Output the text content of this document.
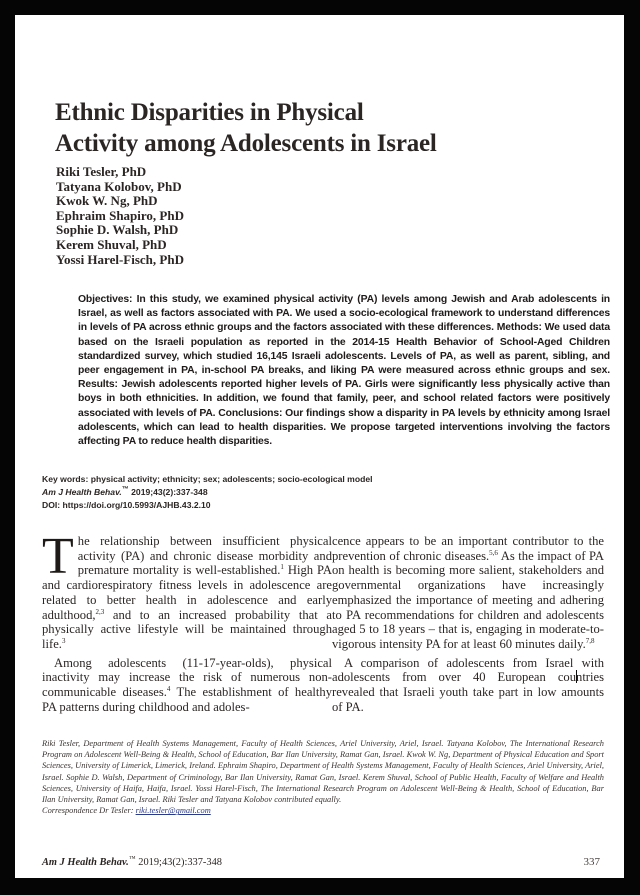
Ethnic Disparities in Physical
Activity among Adolescents in Israel
Riki Tesler, PhD
Tatyana Kolobov, PhD
Kwok W. Ng, PhD
Ephraim Shapiro, PhD
Sophie D. Walsh, PhD
Kerem Shuval, PhD
Yossi Harel-Fisch, PhD

Objectives: In this study, we examined physical activity (PA) levels among Jewish and Arab adolescents in Israel, as well as factors associated with PA. We used a socio-ecological framework to understand differences in levels of PA across ethnic groups and the factors associated with these differences. Methods: We used data based on the Israeli population as reported in the 2014-15 Health Behavior of School-Aged Children standardized survey, which studied 16,145 Israeli adolescents. Levels of PA, as well as parent, sibling, and peer engagement in PA, in-school PA breaks, and liking PA were measured across ethnic groups and sex. Results: Jewish adolescents reported higher levels of PA. Girls were significantly less physically active than boys in both ethnicities. In addition, we found that family, peer, and school related factors were positively associated with levels of PA. Conclusions: Our findings show a disparity in PA levels by ethnicity among Israel adolescents, which can lead to health disparities. We propose targeted interventions involving the factors affecting PA to reduce health disparities.

Key words: physical activity; ethnicity; sex; adolescents; socio-ecological model
Am J Health Behav.™ 2019;43(2):337-348
DOI: https://doi.org/10.5993/AJHB.43.2.10

The relationship between insufficient physical activity (PA) and chronic disease morbidity and premature mortality is well-established.$^1$ High PA and cardiorespiratory fitness levels in adolescence are related to better health in adolescence and early adulthood,$^{2,3}$ and to an increased probability that a physically active lifestyle will be maintained through life.$^3$

Among adolescents (11-17-year-olds), physical inactivity may increase the risk of numerous non-communicable diseases.$^4$ The establishment of healthy PA patterns during childhood and adoles-

cence appears to be an important contributor to the prevention of chronic diseases.$^{5,6}$ As the impact of PA on health is becoming more salient, stakeholders and governmental organizations have increasingly emphasized the importance of meeting and adhering to PA recommendations for children and adolescents aged 5 to 18 years – that is, engaging in moderate-to-vigorous intensity PA for at least 60 minutes daily.$^{7,8}$

A comparison of adolescents from Israel with adolescents from over 40 European countries revealed that Israeli youth take part in low amounts of PA.

Riki Tesler, Department of Health Systems Management, Faculty of Health Sciences, Ariel University, Ariel, Israel. Tatyana Kolobov, The International Research Program on Adolescent Well-Being & Health, School of Education, Bar Ilan University, Ramat Gan, Israel. Kwok W. Ng, Department of Physical Education and Sport Sciences, University of Limerick, Limerick, Ireland. Ephraim Shapiro, Department of Health Systems Management, Faculty of Health Sciences, Ariel University, Ariel, Israel. Sophie D. Walsh, Department of Criminology, Bar Ilan University, Ramat Gan, Israel. Kerem Shuval, School of Public Health, Faculty of Welfare and Health Sciences, University of Haifa, Haifa, Israel. Yossi Harel-Fisch, The International Research Program on Adolescent Well-Being & Health, School of Education, Bar Ilan University, Ramat Gan, Israel. Riki Tesler and Tatyana Kolobov contributed equally.
Correspondence Dr Tesler: riki.tesler@gmail.com
Am J Health Behav.™ 2019;43(2):337-348	337
